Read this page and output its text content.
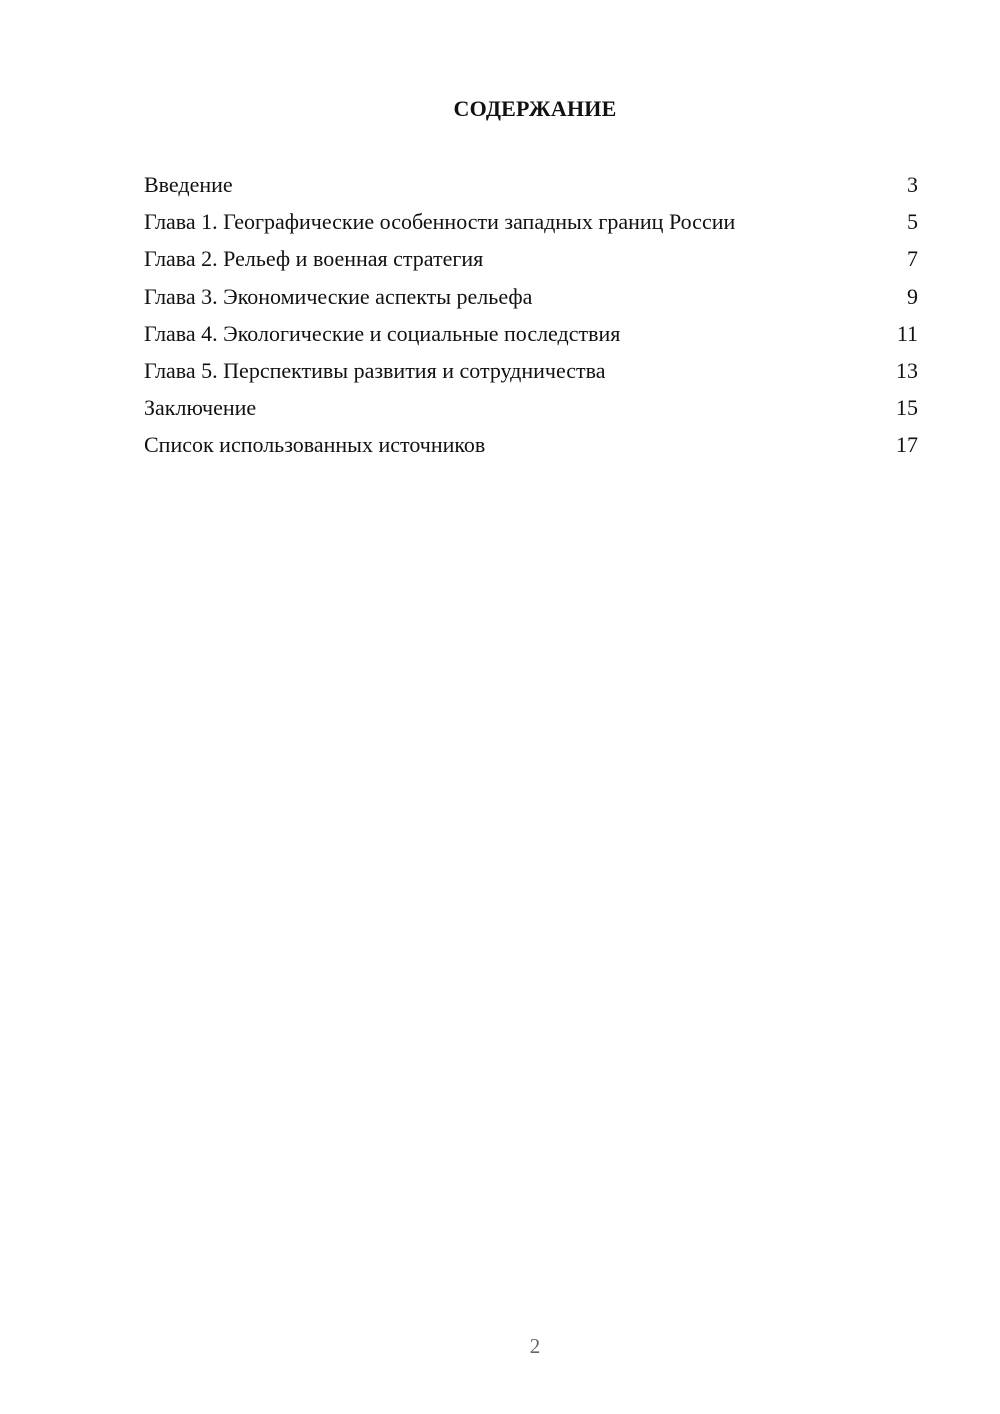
СОДЕРЖАНИЕ
Введение	3
Глава 1. Географические особенности западных границ России	5
Глава 2. Рельеф и военная стратегия	7
Глава 3. Экономические аспекты рельефа	9
Глава 4. Экологические и социальные последствия	11
Глава 5. Перспективы развития и сотрудничества	13
Заключение	15
Список использованных источников	17
2
